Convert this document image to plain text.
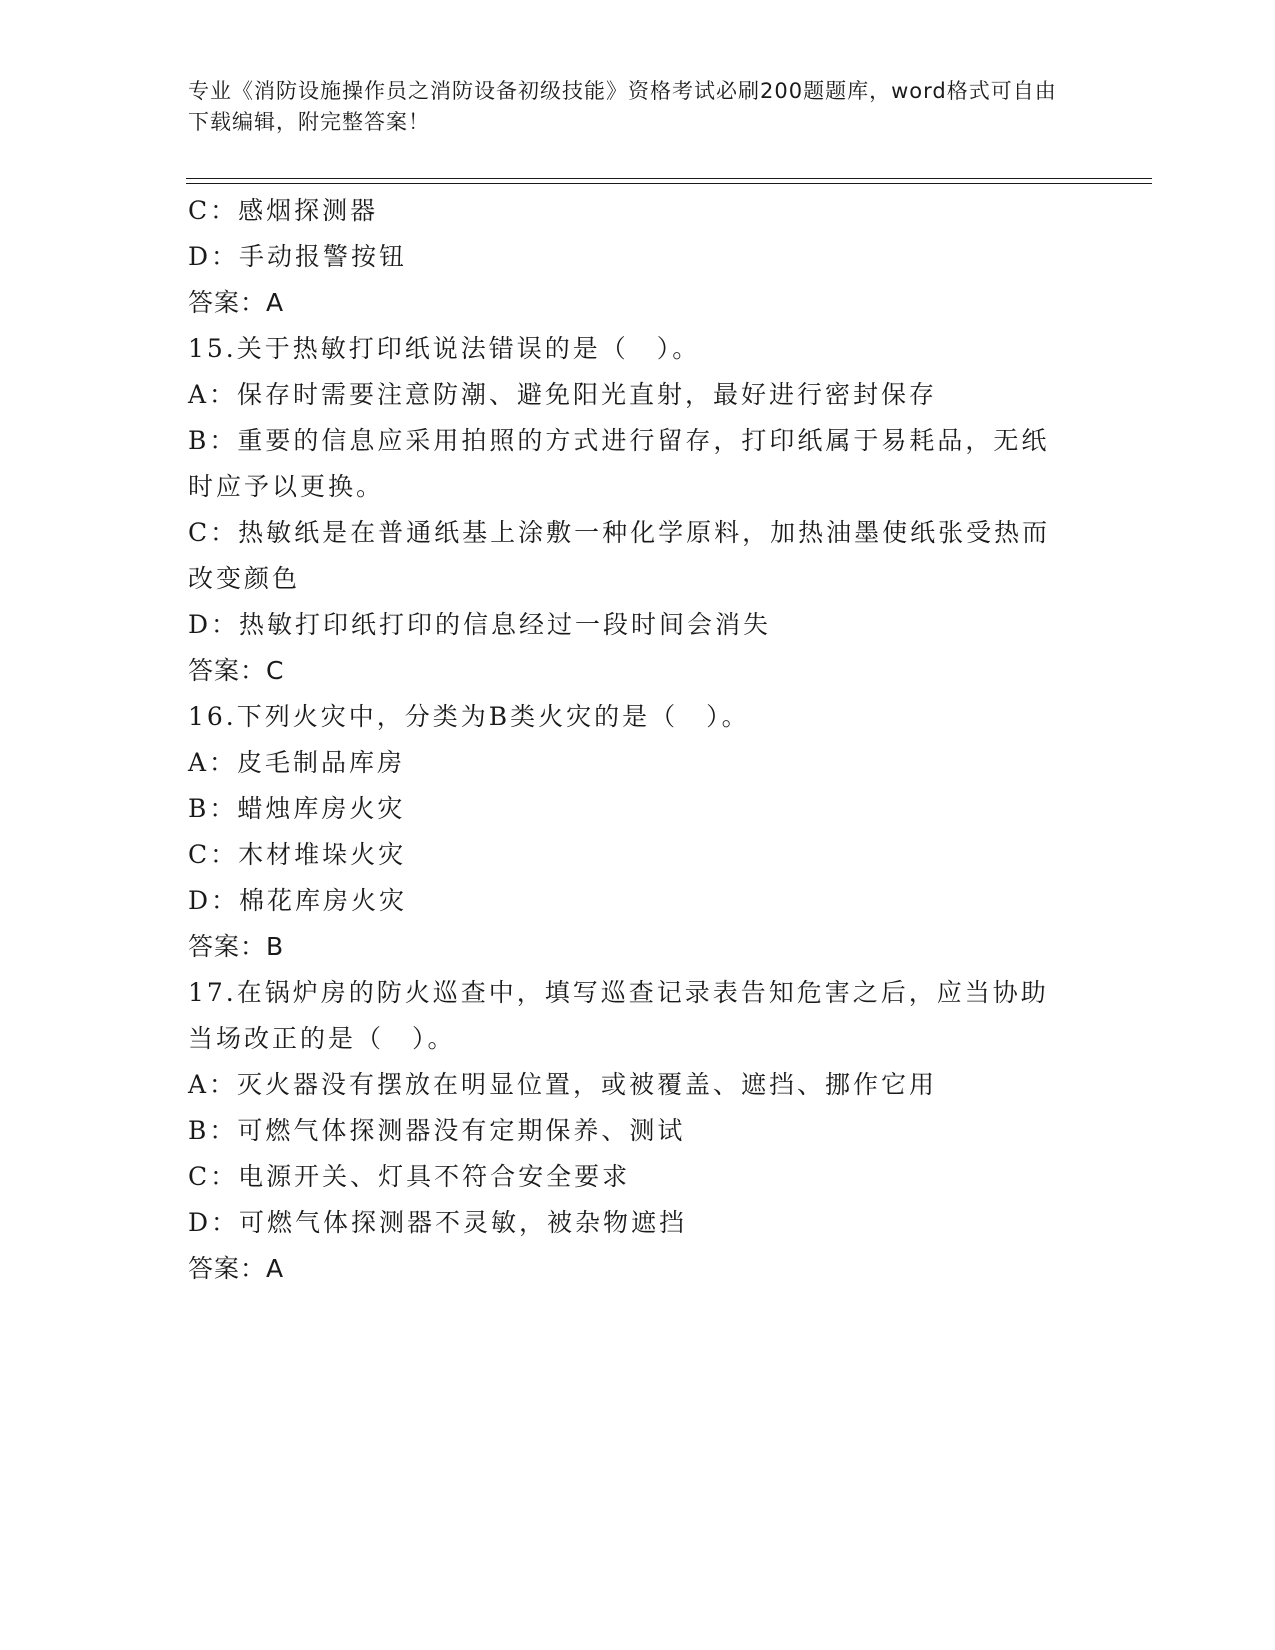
专业《消防设施操作员之消防设备初级技能》资格考试必刷200题题库，word格式可自由下载编辑，附完整答案！
C：感烟探测器
D：手动报警按钮
答案：A
15.关于热敏打印纸说法错误的是（　）。
A：保存时需要注意防潮、避免阳光直射，最好进行密封保存
B：重要的信息应采用拍照的方式进行留存，打印纸属于易耗品，无纸
时应予以更换。
C：热敏纸是在普通纸基上涂敷一种化学原料，加热油墨使纸张受热而
改变颜色
D：热敏打印纸打印的信息经过一段时间会消失
答案：C
16.下列火灾中，分类为B类火灾的是（　）。
A：皮毛制品库房
B：蜡烛库房火灾
C：木材堆垛火灾
D：棉花库房火灾
答案：B
17.在锅炉房的防火巡查中，填写巡查记录表告知危害之后，应当协助
当场改正的是（　）。
A：灭火器没有摆放在明显位置，或被覆盖、遮挡、挪作它用
B：可燃气体探测器没有定期保养、测试
C：电源开关、灯具不符合安全要求
D：可燃气体探测器不灵敏，被杂物遮挡
答案：A
